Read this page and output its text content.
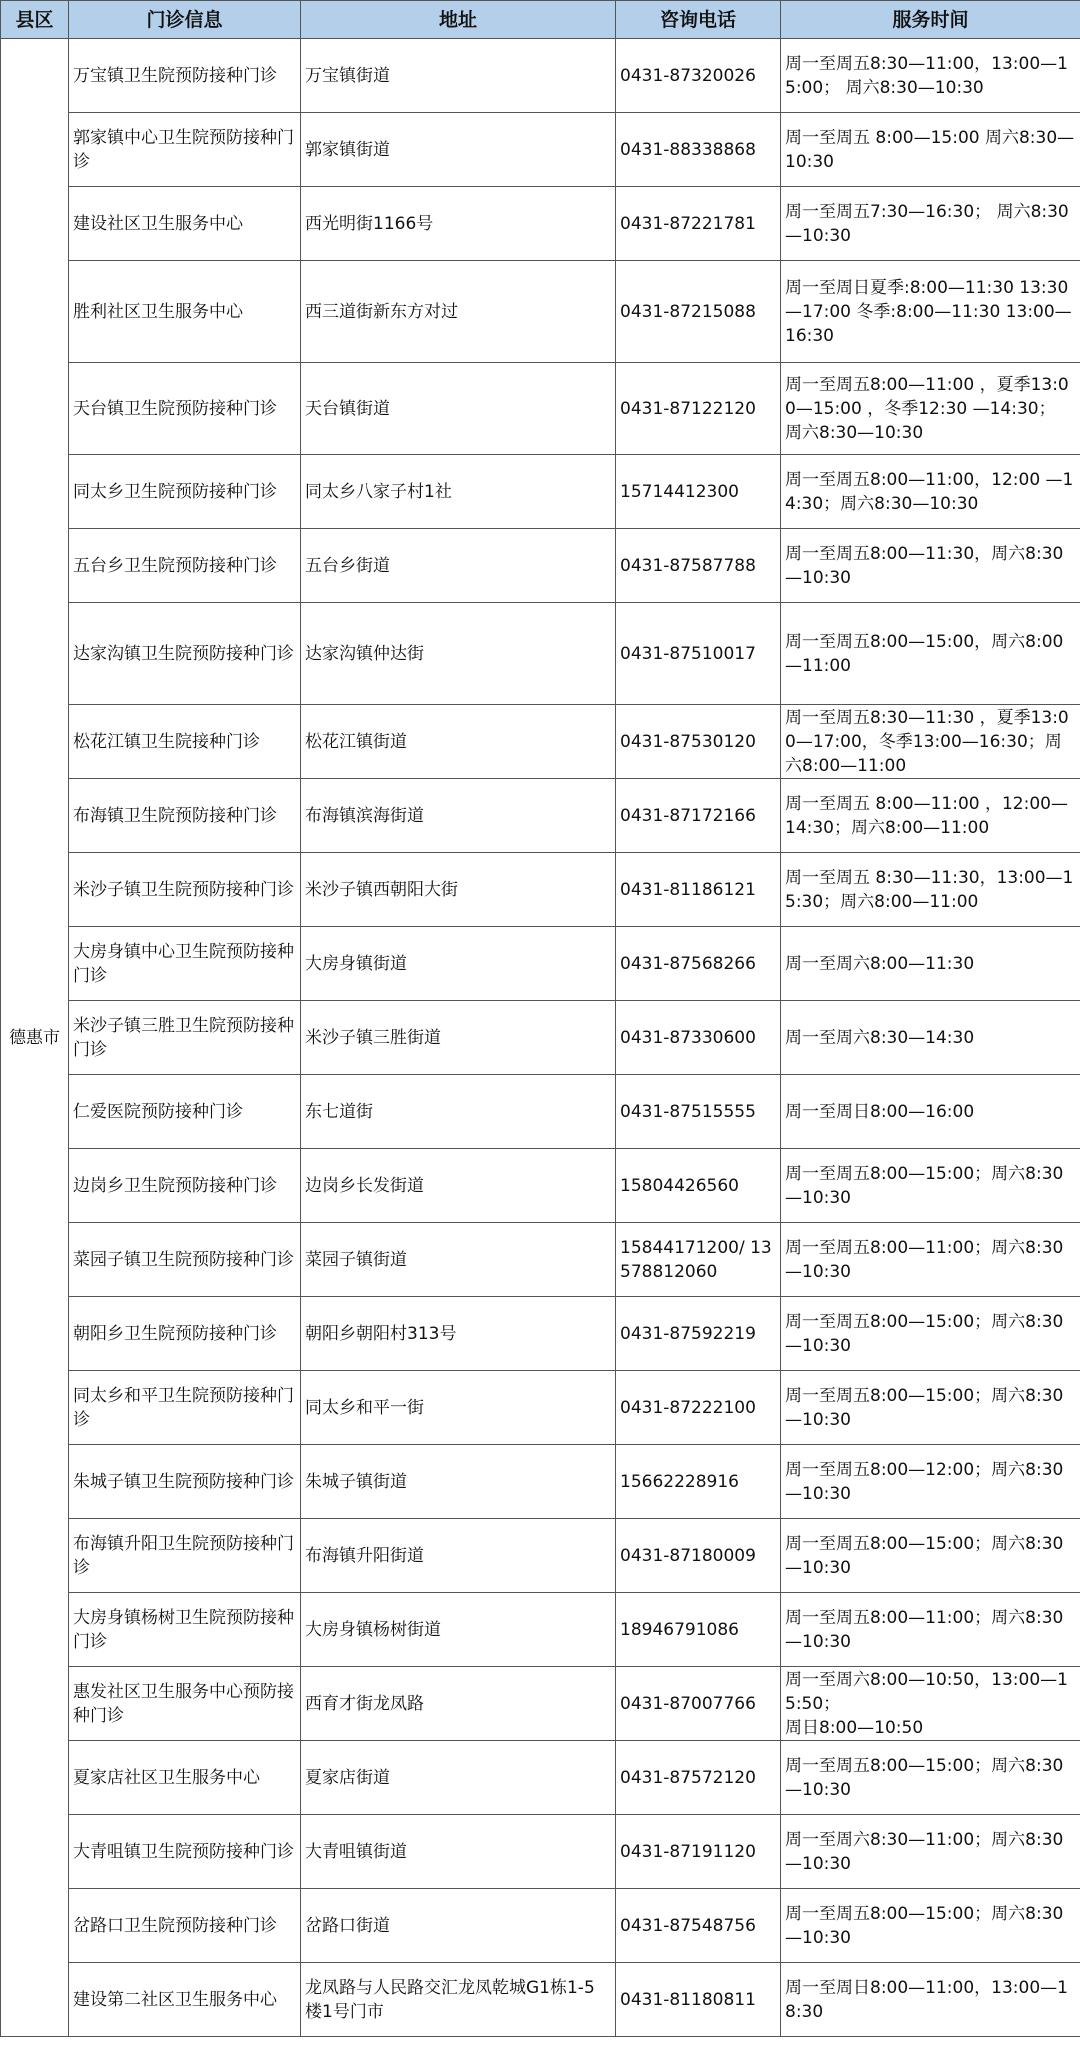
县区	门诊信息	地址	咨询电话	服务时间
德惠市	万宝镇卫生院预防接种门诊	万宝镇街道	0431-87320026	周一至周五8:30—11:00，13:00—15:00； 周六8:30—10:30
	郭家镇中心卫生院预防接种门诊	郭家镇街道	0431-88338868	周一至周五 8:00—15:00 周六8:30—10:30
	建设社区卫生服务中心	西光明街1166号	0431-87221781	周一至周五7:30—16:30； 周六8:30—10:30
	胜利社区卫生服务中心	西三道街新东方对过	0431-87215088	周一至周日夏季:8:00—11:30 13:30—17:00 冬季:8:00—11:30 13:00—16:30
	天台镇卫生院预防接种门诊	天台镇街道	0431-87122120	周一至周五8:00—11:00 ，夏季13:00—15:00 ，冬季12:30 —14:30； 周六8:30—10:30
	同太乡卫生院预防接种门诊	同太乡八家子村1社	15714412300	周一至周五8:00—11:00，12:00 —14:30；周六8:30—10:30
	五台乡卫生院预防接种门诊	五台乡街道	0431-87587788	周一至周五8:00—11:30，周六8:30—10:30
	达家沟镇卫生院预防接种门诊	达家沟镇仲达街	0431-87510017	周一至周五8:00—15:00，周六8:00—11:00
	松花江镇卫生院接种门诊	松花江镇街道	0431-87530120	周一至周五8:30—11:30 ，夏季13:00—17:00，冬季13:00—16:30；周六8:00—11:00
	布海镇卫生院预防接种门诊	布海镇滨海街道	0431-87172166	周一至周五 8:00—11:00 ，12:00—14:30；周六8:00—11:00
	米沙子镇卫生院预防接种门诊	米沙子镇西朝阳大街	0431-81186121	周一至周五 8:30—11:30，13:00—15:30；周六8:00—11:00
	大房身镇中心卫生院预防接种门诊	大房身镇街道	0431-87568266	周一至周六8:00—11:30
	米沙子镇三胜卫生院预防接种门诊	米沙子镇三胜街道	0431-87330600	周一至周六8:30—14:30
	仁爱医院预防接种门诊	东七道街	0431-87515555	周一至周日8:00—16:00
	边岗乡卫生院预防接种门诊	边岗乡长发街道	15804426560	周一至周五8:00—15:00；周六8:30—10:30
	菜园子镇卫生院预防接种门诊	菜园子镇街道	15844171200/ 13578812060	周一至周五8:00—11:00；周六8:30—10:30
	朝阳乡卫生院预防接种门诊	朝阳乡朝阳村313号	0431-87592219	周一至周五8:00—15:00；周六8:30—10:30
	同太乡和平卫生院预防接种门诊	同太乡和平一街	0431-87222100	周一至周五8:00—15:00；周六8:30—10:30
	朱城子镇卫生院预防接种门诊	朱城子镇街道	15662228916	周一至周五8:00—12:00；周六8:30—10:30
	布海镇升阳卫生院预防接种门诊	布海镇升阳街道	0431-87180009	周一至周五8:00—15:00；周六8:30—10:30
	大房身镇杨树卫生院预防接种门诊	大房身镇杨树街道	18946791086	周一至周五8:00—11:00；周六8:30—10:30
	惠发社区卫生服务中心预防接种门诊	西育才街龙凤路	0431-87007766	周一至周六8:00—10:50，13:00—15:50；
周日8:00—10:50
	夏家店社区卫生服务中心	夏家店街道	0431-87572120	周一至周五8:00—15:00；周六8:30—10:30
	大青咀镇卫生院预防接种门诊	大青咀镇街道	0431-87191120	周一至周六8:30—11:00；周六8:30—10:30
	岔路口卫生院预防接种门诊	岔路口街道	0431-87548756	周一至周五8:00—15:00；周六8:30—10:30
	建设第二社区卫生服务中心	龙凤路与人民路交汇龙凤乾城G1栋1-5楼1号门市	0431-81180811	周一至周日8:00—11:00，13:00—18:30
